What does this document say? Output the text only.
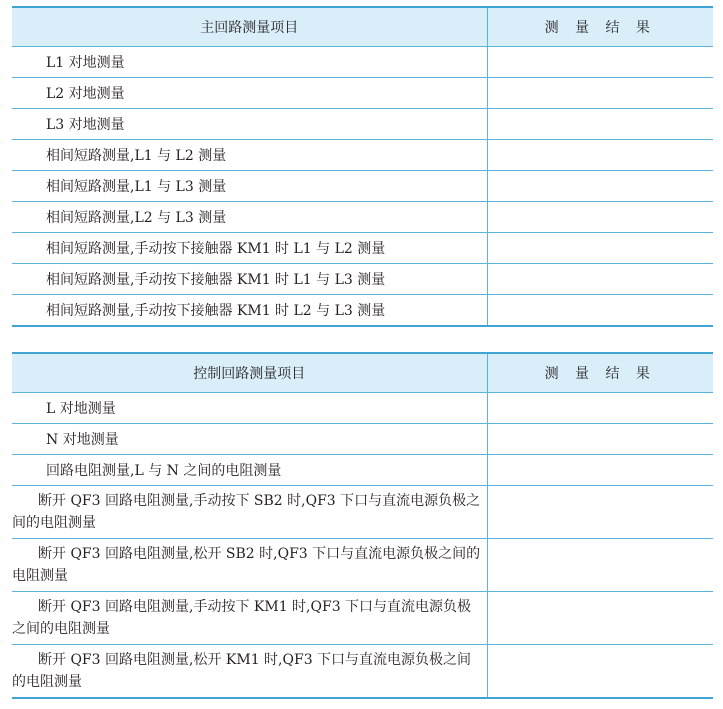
主回路测量项目	测 量 结 果
L1 对地测量	
L2 对地测量	
L3 对地测量	
相间短路测量,L1 与 L2 测量	
相间短路测量,L1 与 L3 测量	
相间短路测量,L2 与 L3 测量	
相间短路测量,手动按下接触器 KM1 时 L1 与 L2 测量	
相间短路测量,手动按下接触器 KM1 时 L1 与 L3 测量	
相间短路测量,手动按下接触器 KM1 时 L2 与 L3 测量	
控制回路测量项目	测 量 结 果
L 对地测量	
N 对地测量	
回路电阻测量,L 与 N 之间的电阻测量	

断开 QF3 回路电阻测量,手动按下 SB2 时,QF3 下口与直流电源负极之间的电阻测量	

断开 QF3 回路电阻测量,松开 SB2 时,QF3 下口与直流电源负极之间的电阻测量	

断开 QF3 回路电阻测量,手动按下 KM1 时,QF3 下口与直流电源负极之间的电阻测量	

断开 QF3 回路电阻测量,松开 KM1 时,QF3 下口与直流电源负极之间的电阻测量	
